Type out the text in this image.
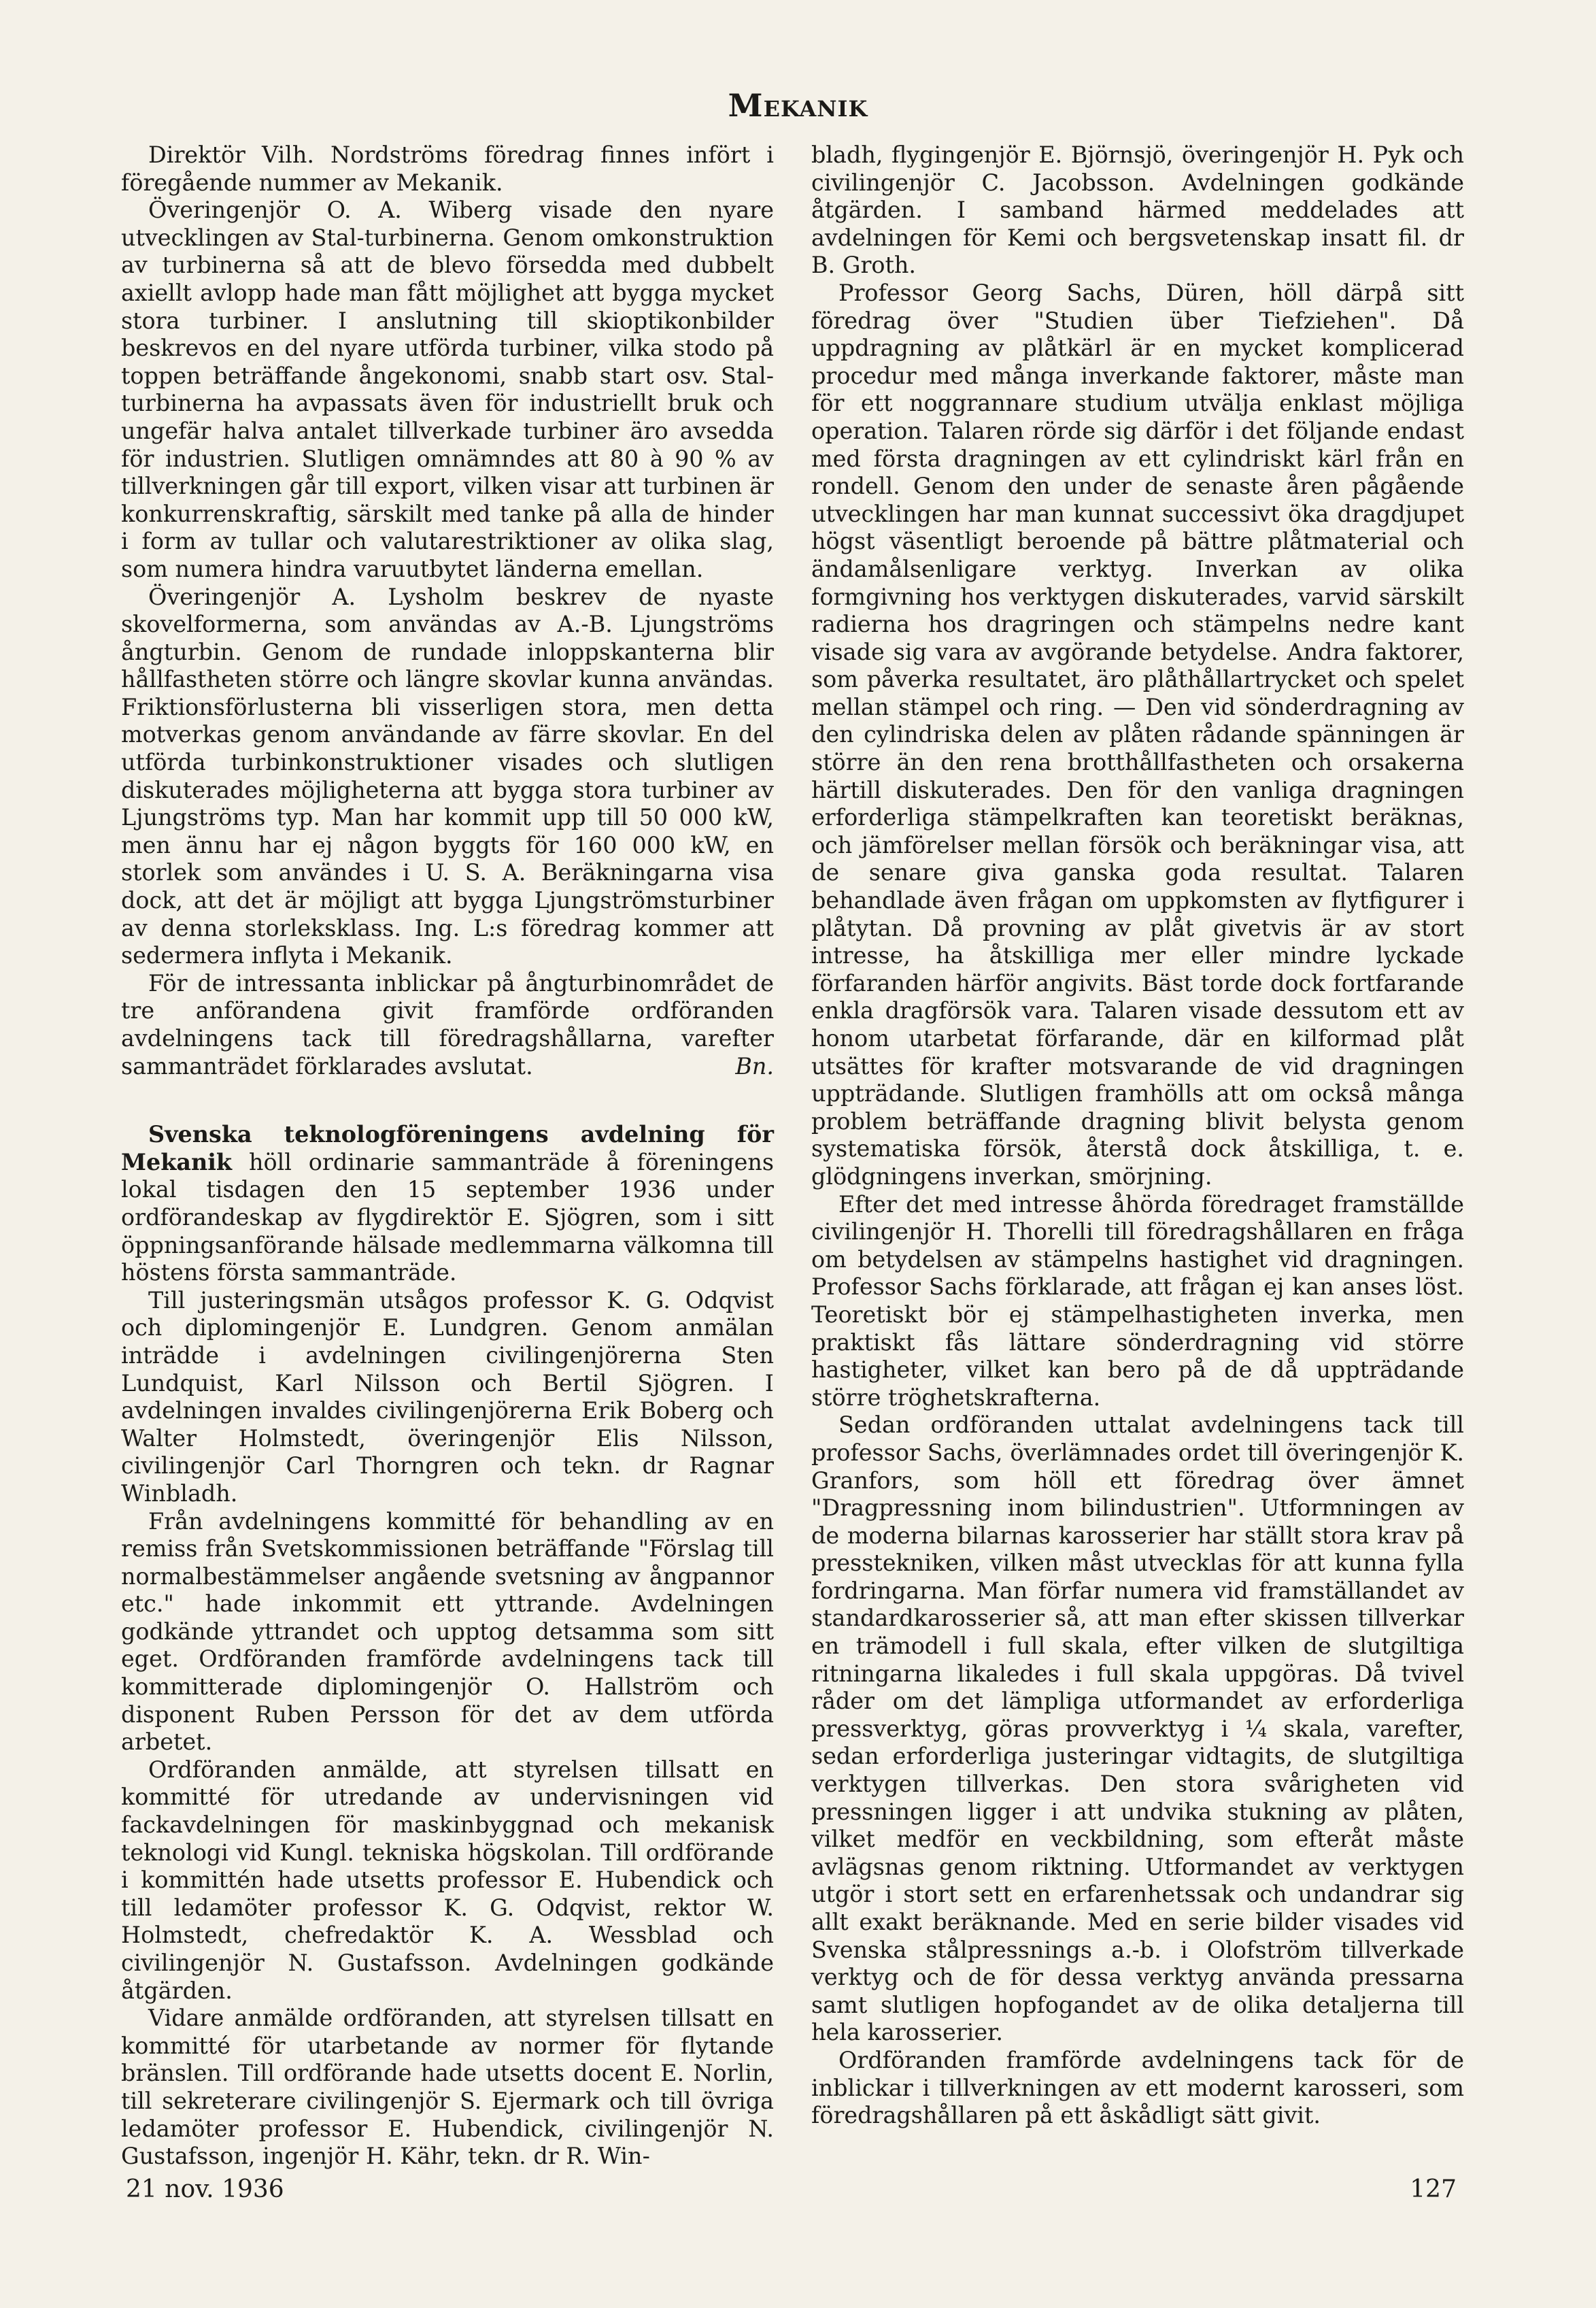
Mekanik

Direktör Vilh. Nordströms föredrag finnes infört i föregående nummer av Mekanik.

Överingenjör O. A. Wiberg visade den nyare utvecklingen av Stal-turbinerna. Genom omkonstruktion av turbinerna så att de blevo försedda med dubbelt axiellt avlopp hade man fått möjlighet att bygga mycket stora turbiner. I anslutning till skioptikonbilder beskrevos en del nyare utförda turbiner, vilka stodo på toppen beträffande ångekonomi, snabb start osv. Stal-turbinerna ha avpassats även för industriellt bruk och ungefär halva antalet tillverkade turbiner äro avsedda för industrien. Slutligen omnämndes att 80 à 90 % av tillverkningen går till export, vilken visar att turbinen är konkurrenskraftig, särskilt med tanke på alla de hinder i form av tullar och valutarestriktioner av olika slag, som numera hindra varuutbytet länderna emellan.

Överingenjör A. Lysholm beskrev de nyaste skovelformerna, som användas av A.-B. Ljungströms ångturbin. Genom de rundade inloppskanterna blir hållfastheten större och längre skovlar kunna användas. Friktionsförlusterna bli visserligen stora, men detta motverkas genom användande av färre skovlar. En del utförda turbinkonstruktioner visades och slutligen diskuterades möjligheterna att bygga stora turbiner av Ljungströms typ. Man har kommit upp till 50 000 kW, men ännu har ej någon byggts för 160 000 kW, en storlek som användes i U. S. A. Beräkningarna visa dock, att det är möjligt att bygga Ljungströmsturbiner av denna storleksklass. Ing. L:s föredrag kommer att sedermera inflyta i Mekanik.

För de intressanta inblickar på ångturbinområdet de tre anförandena givit framförde ordföranden avdelningens tack till föredragshållarna, varefter sammanträdet förklarades avslutat.	Bn.

Svenska teknologföreningens avdelning för Mekanik höll ordinarie sammanträde å föreningens lokal tisdagen den 15 september 1936 under ordförandeskap av flygdirektör E. Sjögren, som i sitt öppningsanförande hälsade medlemmarna välkomna till höstens första sammanträde.

Till justeringsmän utsågos professor K. G. Odqvist och diplomingenjör E. Lundgren. Genom anmälan inträdde i avdelningen civilingenjörerna Sten Lundquist, Karl Nilsson och Bertil Sjögren. I avdelningen invaldes civilingenjörerna Erik Boberg och Walter Holmstedt, överingenjör Elis Nilsson, civilingenjör Carl Thorngren och tekn. dr Ragnar Winbladh.

Från avdelningens kommitté för behandling av en remiss från Svetskommissionen beträffande "Förslag till normalbestämmelser angående svetsning av ångpannor etc." hade inkommit ett yttrande. Avdelningen godkände yttrandet och upptog detsamma som sitt eget. Ordföranden framförde avdelningens tack till kommitterade diplomingenjör O. Hallström och disponent Ruben Persson för det av dem utförda arbetet.

Ordföranden anmälde, att styrelsen tillsatt en kommitté för utredande av undervisningen vid fackavdelningen för maskinbyggnad och mekanisk teknologi vid Kungl. tekniska högskolan. Till ordförande i kommittén hade utsetts professor E. Hubendick och till ledamöter professor K. G. Odqvist, rektor W. Holmstedt, chefredaktör K. A. Wessblad och civilingenjör N. Gustafsson. Avdelningen godkände åtgärden.

Vidare anmälde ordföranden, att styrelsen tillsatt en kommitté för utarbetande av normer för flytande bränslen. Till ordförande hade utsetts docent E. Norlin, till sekreterare civilingenjör S. Ejermark och till övriga ledamöter professor E. Hubendick, civilingenjör N. Gustafsson, ingenjör H. Kähr, tekn. dr R. Win-

bladh, flygingenjör E. Björnsjö, överingenjör H. Pyk och civilingenjör C. Jacobsson. Avdelningen godkände åtgärden. I samband härmed meddelades att avdelningen för Kemi och bergsvetenskap insatt fil. dr B. Groth.

Professor Georg Sachs, Düren, höll därpå sitt föredrag över "Studien über Tiefziehen". Då uppdragning av plåtkärl är en mycket komplicerad procedur med många inverkande faktorer, måste man för ett noggrannare studium utvälja enklast möjliga operation. Talaren rörde sig därför i det följande endast med första dragningen av ett cylindriskt kärl från en rondell. Genom den under de senaste åren pågående utvecklingen har man kunnat successivt öka dragdjupet högst väsentligt beroende på bättre plåtmaterial och ändamålsenligare verktyg. Inverkan av olika formgivning hos verktygen diskuterades, varvid särskilt radierna hos dragringen och stämpelns nedre kant visade sig vara av avgörande betydelse. Andra faktorer, som påverka resultatet, äro plåthållartrycket och spelet mellan stämpel och ring. — Den vid sönderdragning av den cylindriska delen av plåten rådande spänningen är större än den rena brotthållfastheten och orsakerna härtill diskuterades. Den för den vanliga dragningen erforderliga stämpelkraften kan teoretiskt beräknas, och jämförelser mellan försök och beräkningar visa, att de senare giva ganska goda resultat. Talaren behandlade även frågan om uppkomsten av flytfigurer i plåtytan. Då provning av plåt givetvis är av stort intresse, ha åtskilliga mer eller mindre lyckade förfaranden härför angivits. Bäst torde dock fortfarande enkla dragförsök vara. Talaren visade dessutom ett av honom utarbetat förfarande, där en kilformad plåt utsättes för krafter motsvarande de vid dragningen uppträdande. Slutligen framhölls att om också många problem beträffande dragning blivit belysta genom systematiska försök, återstå dock åtskilliga, t. e. glödgningens inverkan, smörjning.

Efter det med intresse åhörda föredraget framställde civilingenjör H. Thorelli till föredragshållaren en fråga om betydelsen av stämpelns hastighet vid dragningen. Professor Sachs förklarade, att frågan ej kan anses löst. Teoretiskt bör ej stämpelhastigheten inverka, men praktiskt fås lättare sönderdragning vid större hastigheter, vilket kan bero på de då uppträdande större tröghetskrafterna.

Sedan ordföranden uttalat avdelningens tack till professor Sachs, överlämnades ordet till överingenjör K. Granfors, som höll ett föredrag över ämnet "Dragpressning inom bilindustrien". Utformningen av de moderna bilarnas karosserier har ställt stora krav på presstekniken, vilken måst utvecklas för att kunna fylla fordringarna. Man förfar numera vid framställandet av standardkarosserier så, att man efter skissen tillverkar en trämodell i full skala, efter vilken de slutgiltiga ritningarna likaledes i full skala uppgöras. Då tvivel råder om det lämpliga utformandet av erforderliga pressverktyg, göras provverktyg i ¼ skala, varefter, sedan erforderliga justeringar vidtagits, de slutgiltiga verktygen tillverkas. Den stora svårigheten vid pressningen ligger i att undvika stukning av plåten, vilket medför en veckbildning, som efteråt måste avlägsnas genom riktning. Utformandet av verktygen utgör i stort sett en erfarenhetssak och undandrar sig allt exakt beräknande. Med en serie bilder visades vid Svenska stålpressnings a.-b. i Olofström tillverkade verktyg och de för dessa verktyg använda pressarna samt slutligen hopfogandet av de olika detaljerna till hela karosserier.

Ordföranden framförde avdelningens tack för de inblickar i tillverkningen av ett modernt karosseri, som föredragshållaren på ett åskådligt sätt givit.

21 nov. 1936	127
